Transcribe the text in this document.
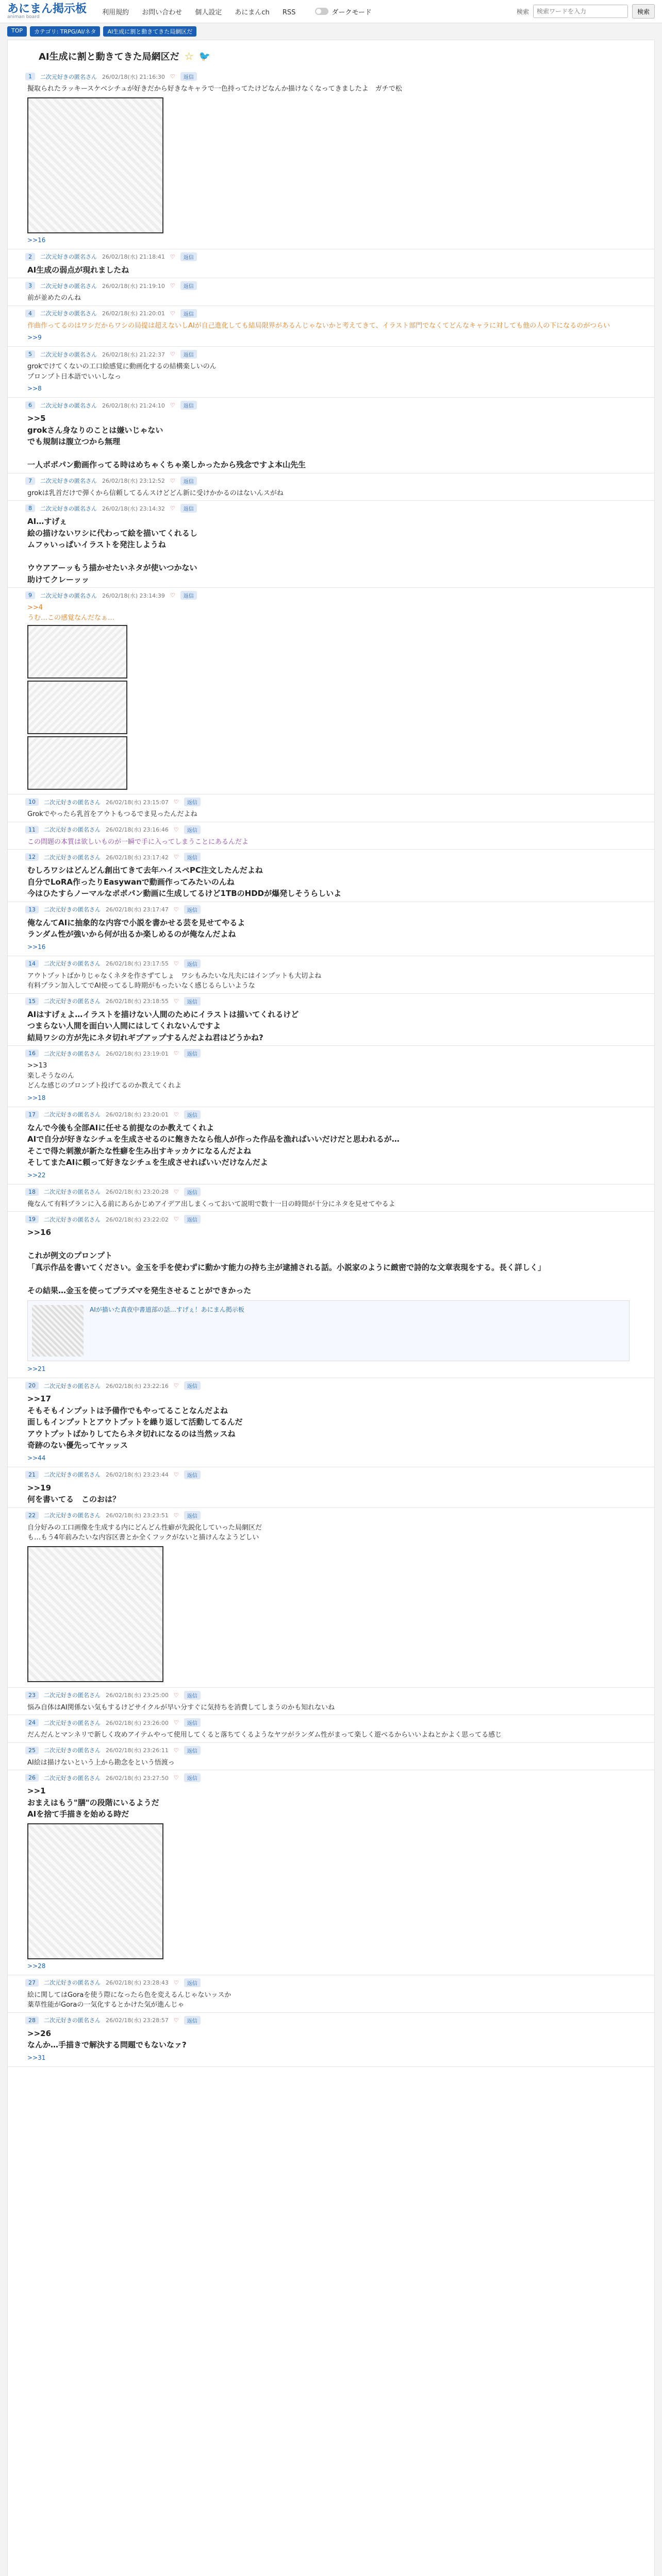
あにまん掲示板
animan board
利用規約 お問い合わせ 個人設定 あにまんch RSS	ダークモード	検索
検索ワードを入力	検索
TOP	カテゴリ: TRPG/AI/ネタ	AI生成に割と動きてきた局網区だ
AI生成に割と動きてきた局網区だ ☆ 🐦
1	二次元好きの匿名さん 26/02/18(水) 21:16:30 ♡	返信
擬取られたラッキースケベシチュが好きだから好きなキャラで一色持ってたけどなんか描けなくなってきましたよ　ガチで松
>>16
2	二次元好きの匿名さん 26/02/18(水) 21:18:41 ♡	返信
AI生成の弱点が現れましたね
3	二次元好きの匿名さん 26/02/18(水) 21:19:10 ♡	返信
前が並めたのんね
4	二次元好きの匿名さん 26/02/18(水) 21:20:01 ♡	返信
作曲作ってるのはワシだからワシの局提は超えないしAIが自己進化しても結局限界があるんじゃないかと考えてきて、イラスト部門でなくてどんなキャラに対しても他の人の下になるのがつらい
>>9
5	二次元好きの匿名さん 26/02/18(水) 21:22:37 ♡	返信
grokでけてくないの工口絵感覚に動画化するの結構楽しいのん
プロンプト日本語でいいしなっ
>>8
6	二次元好きの匿名さん 26/02/18(水) 21:24:10 ♡	返信
>>5
grokさん身なりのことは嫌いじゃない
でも規制は腹立つから無理

一人ポポパン動画作ってる時はめちゃくちゃ楽しかったから残念ですよ本山先生
7	二次元好きの匿名さん 26/02/18(水) 23:12:52 ♡	返信
grokは乳首だけで弾くから信頼してるんスけどどん新に受けかかるのはないんスがね
8	二次元好きの匿名さん 26/02/18(水) 23:14:32 ♡	返信
AI…すげぇ
絵の描けないワシに代わって絵を描いてくれるし
ムフゥいっぱいイラストを発注しようね

ウウアアーッもう描かせたいネタが使いつかない
助けてクレーッッ
9	二次元好きの匿名さん 26/02/18(水) 23:14:39 ♡	返信
>>4
うむ…この感覚なんだなぁ…
10	二次元好きの匿名さん 26/02/18(水) 23:15:07 ♡	返信
Grokでやったら乳首をアウトもつるでま見ったんだよね
11	二次元好きの匿名さん 26/02/18(水) 23:16:46 ♡	返信
この問題の本質は欲しいものが一瞬で手に入ってしまうことにあるんだよ
12	二次元好きの匿名さん 26/02/18(水) 23:17:42 ♡	返信
むしろワシはどんどん創出てきて去年ハイスペPC注文したんだよね
自分でLoRA作ったりEasywanで動画作ってみたいのんね
今はひたすらノーマルなポポパン動画に生成してるけど1TBのHDDが爆発しそうらしいよ
13	二次元好きの匿名さん 26/02/18(水) 23:17:47 ♡	返信
俺なんてAIに抽象的な内容で小説を書かせる芸を見せてやるよ
ランダム性が強いから何が出るか楽しめるのが俺なんだよね
>>16
14	二次元好きの匿名さん 26/02/18(水) 23:17:55 ♡	返信
アウトプットばかりじゃなくネタを作さずてしょ　ワシもみたいな凡夫にはインプットも大切よね
有料プラン加入してでAI使ってるし時期がもったいなく感じるらしいような
15	二次元好きの匿名さん 26/02/18(水) 23:18:55 ♡	返信
AIはすげぇよ…イラストを描けない人間のためにイラストは描いてくれるけど
つまらない人間を面白い人間にはしてくれないんですよ
結局ワシの方が先にネタ切れギブアップするんだよね君はどうかね?
16	二次元好きの匿名さん 26/02/18(水) 23:19:01 ♡	返信
>>13
楽しそうなのん
どんな感じのプロンプト投げてるのか教えてくれよ
>>18
17	二次元好きの匿名さん 26/02/18(水) 23:20:01 ♡	返信
なんで今後も全部AIに任せる前提なのか教えてくれよ
AIで自分が好きなシチュを生成させるのに飽きたなら他人が作った作品を漁ればいいだけだと思われるが…
そこで得た刺激が新たな性癖を生み出すキッカケになるんだよね
そしてまたAIに頼って好きなシチュを生成させればいいだけなんだよ
>>22
18	二次元好きの匿名さん 26/02/18(水) 23:20:28 ♡	返信
俺なんて有料プランに入る前にあらかじめアイデア出しまくっておいて説明で数十一日の時間が十分にネタを見せてやるよ
19	二次元好きの匿名さん 26/02/18(水) 23:22:02 ♡	返信
>>16

これが例文のプロンプト
「真示作品を書いてください。金玉を手を使わずに動かす能力の持ち主が逮捕される話。小説家のように緻密で詩的な文章表現をする。長く詳しく」

その結果…金玉を使ってプラズマを発生させることができかった
AIが描いた真夜中書道部の話…すげぇ！あにまん掲示板
>>21
20	二次元好きの匿名さん 26/02/18(水) 23:22:16 ♡	返信
>>17
そもそもインプットは予備作でもやってることなんだよね
面しもインプットとアウトプットを繰り返して活動してるんだ
アウトプットばかりしてたらネタ切れになるのは当然ッスね
奇跡のない優先ってヤッッス
>>44
21	二次元好きの匿名さん 26/02/18(水) 23:23:44 ♡	返信
>>19
何を書いてる　このおは？
22	二次元好きの匿名さん 26/02/18(水) 23:23:51 ♡	返信
自分好みの工口画像を生成する内にどんどん性癖が先鋭化していった局網区だ
も…もう4年前みたいな内容区書とか全くフックがないと描けんなようどしい
23	二次元好きの匿名さん 26/02/18(水) 23:25:00 ♡	返信
悩み自体はAI関係ない気もするけどサイクルが早い分すぐに気持ちを消費してしまうのかも知れないね
24	二次元好きの匿名さん 26/02/18(水) 23:26:00 ♡	返信
だんだんとマンネリで新しく攻めアイテムやって使用してくると落ちてくるようなヤツがランダム性がまって楽しく遊べるからいいよねとかよく思ってる感じ
25	二次元好きの匿名さん 26/02/18(水) 23:26:11 ♡	返信
AI絵は描けないという上から勘念をという悟渡っ
26	二次元好きの匿名さん 26/02/18(水) 23:27:50 ♡	返信
>>1
おまえはもう"膳"の段階にいるようだ
AIを捨て手描きを始める時だ
>>28
27	二次元好きの匿名さん 26/02/18(水) 23:28:43 ♡	返信
絵に関してはGoraを使う際になったら色を変えるんじゃないッスか
薬草性能がGoraの一気化するとかけた気が進んじゃ
28	二次元好きの匿名さん 26/02/18(水) 23:28:57 ♡	返信
>>26
なんか…手描きで解決する問題でもないなァ?
>>31
